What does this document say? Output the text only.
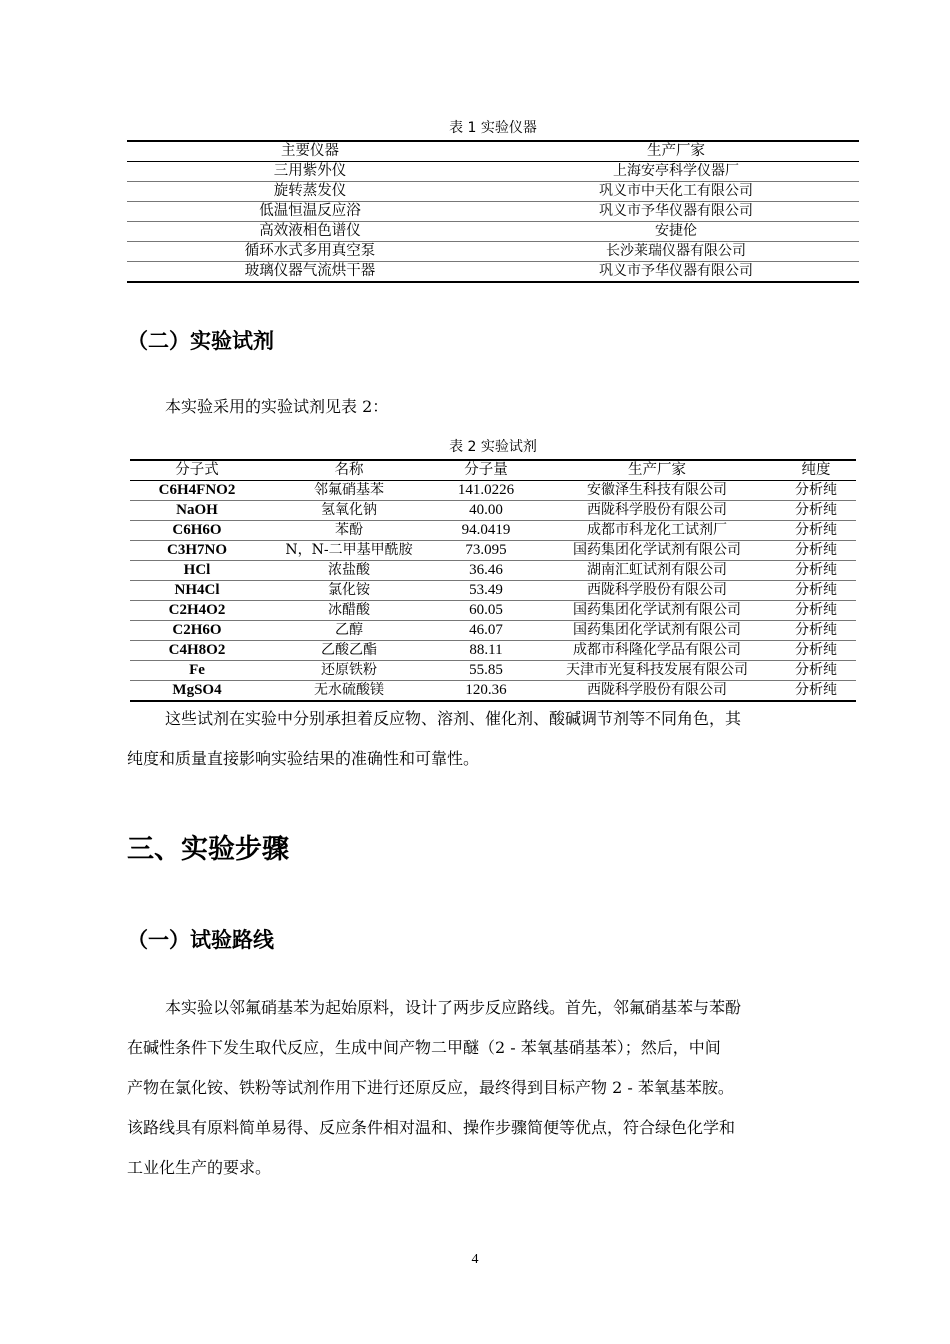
表 1 实验仪器
主要仪器	生产厂家
三用紫外仪	上海安亭科学仪器厂
旋转蒸发仪	巩义市中天化工有限公司
低温恒温反应浴	巩义市予华仪器有限公司
高效液相色谱仪	安捷伦
循环水式多用真空泵	长沙莱瑞仪器有限公司
玻璃仪器气流烘干器	巩义市予华仪器有限公司
（二）实验试剂
本实验采用的实验试剂见表 2：
表 2 实验试剂
分子式	名称	分子量	生产厂家	纯度
C6H4FNO2	邻氟硝基苯	141.0226	安徽泽生科技有限公司	分析纯
NaOH	氢氧化钠	40.00	西陇科学股份有限公司	分析纯
C6H6O	苯酚	94.0419	成都市科龙化工试剂厂	分析纯
C3H7NO	N，N-二甲基甲酰胺	73.095	国药集团化学试剂有限公司	分析纯
HCl	浓盐酸	36.46	湖南汇虹试剂有限公司	分析纯
NH4Cl	氯化铵	53.49	西陇科学股份有限公司	分析纯
C2H4O2	冰醋酸	60.05	国药集团化学试剂有限公司	分析纯
C2H6O	乙醇	46.07	国药集团化学试剂有限公司	分析纯
C4H8O2	乙酸乙酯	88.11	成都市科隆化学品有限公司	分析纯
Fe	还原铁粉	55.85	天津市光复科技发展有限公司	分析纯
MgSO4	无水硫酸镁	120.36	西陇科学股份有限公司	分析纯
这些试剂在实验中分别承担着反应物、溶剂、催化剂、酸碱调节剂等不同角色，其
纯度和质量直接影响实验结果的准确性和可靠性。
三、实验步骤
（一）试验路线
本实验以邻氟硝基苯为起始原料，设计了两步反应路线。首先，邻氟硝基苯与苯酚
在碱性条件下发生取代反应，生成中间产物二甲醚（2 - 苯氧基硝基苯）；然后，中间
产物在氯化铵、铁粉等试剂作用下进行还原反应，最终得到目标产物 2 - 苯氧基苯胺。
该路线具有原料简单易得、反应条件相对温和、操作步骤简便等优点，符合绿色化学和
工业化生产的要求。
4
